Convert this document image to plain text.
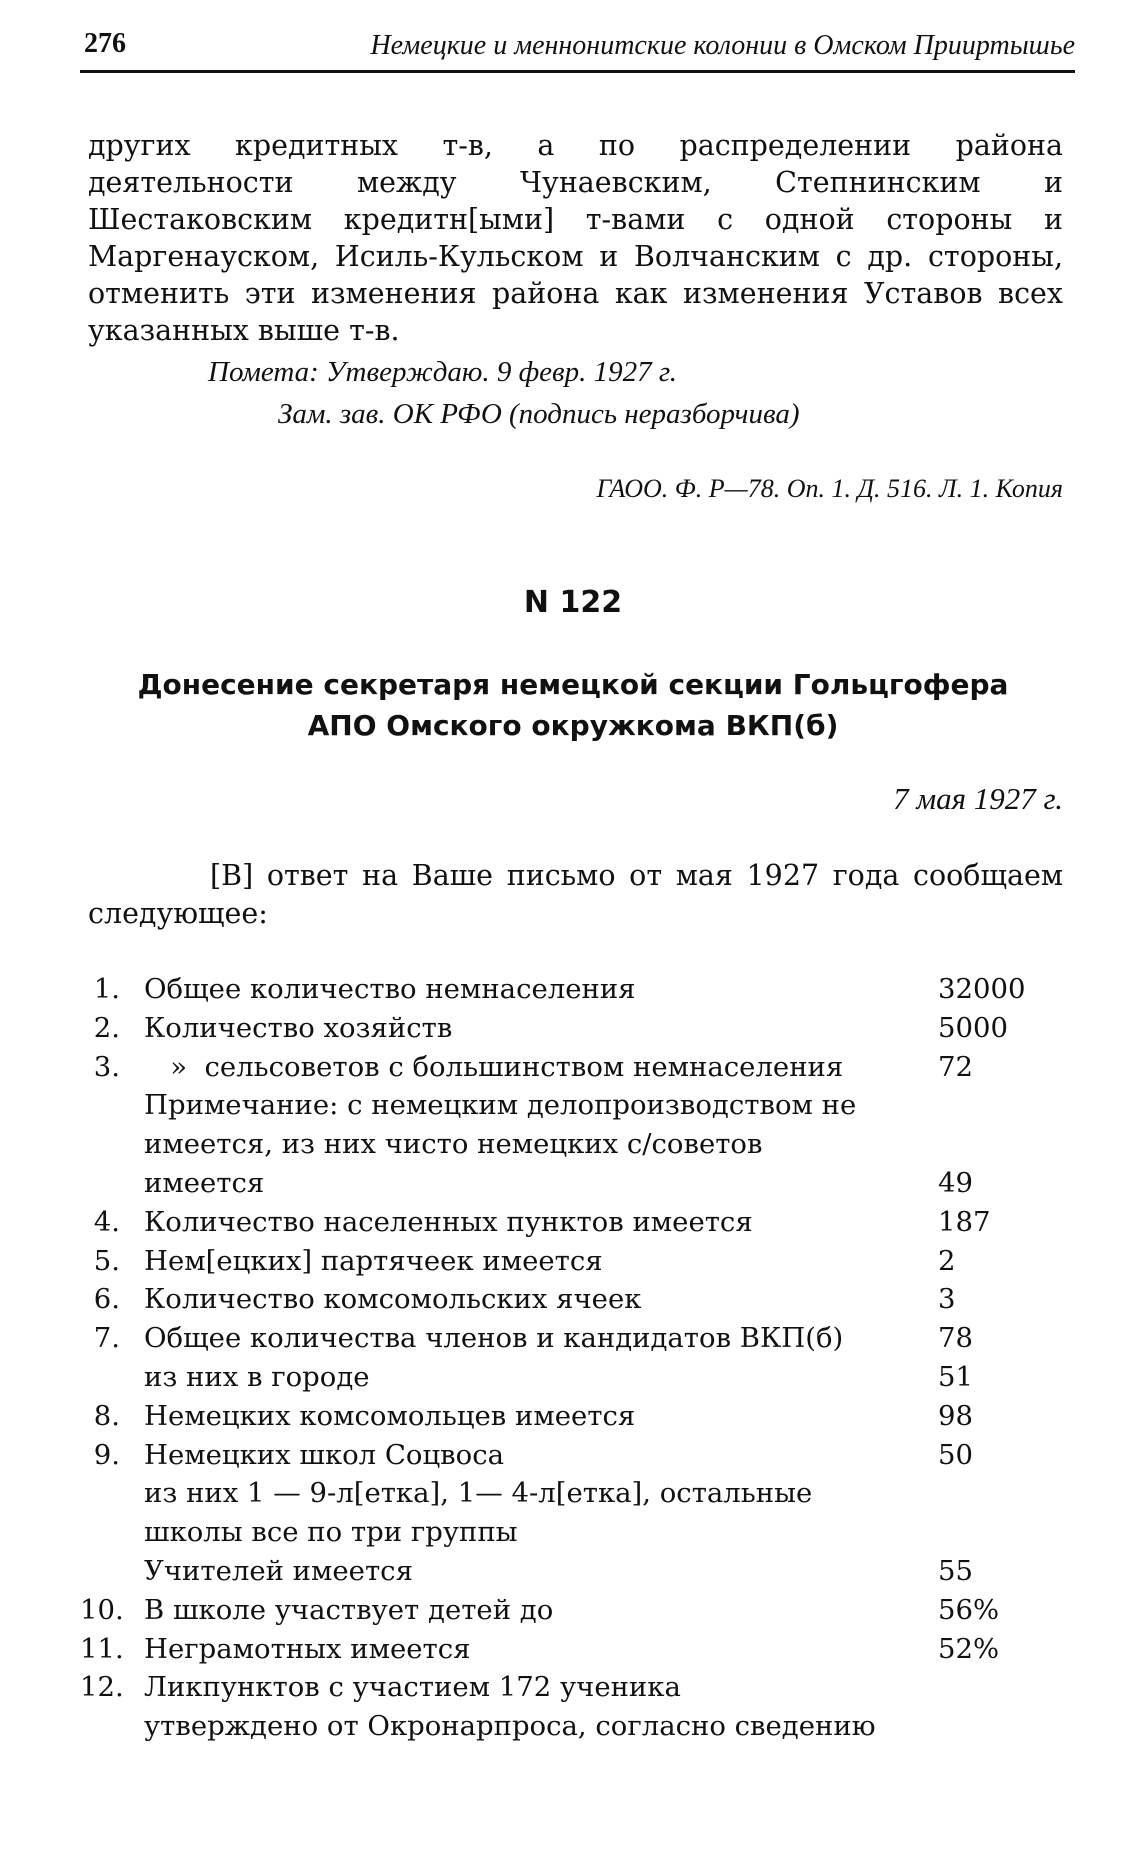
276	Немецкие и меннонитские колонии в Омском Прииртышье
других кредитных т-в, а по распределении района деятельности между Чунаевским, Степнинским и Шестаковским кредитн[ыми] т-вами с одной стороны и Маргенауском, Исиль-Кульском и Волчанским с др. стороны, отменить эти изменения района как изменения Уставов всех указанных выше т-в.
Помета: Утверждаю. 9 февр. 1927 г.
Зам. зав. ОК РФО (подпись неразборчива)
ГАОО. Ф. Р—78. Оп. 1. Д. 516. Л. 1. Копия
N 122
Донесение секретаря немецкой секции Гольцгофера
АПО Омского окружкома ВКП(б)
7 мая 1927 г.
[В] ответ на Ваше письмо от мая 1927 года сообщаем следующее:
1. Общее количество немнаселения	32000
2. Количество хозяйств	5000
3. »  сельсоветов с большинством немнаселения	72
Примечание: с немецким делопроизводством не
имеется, из них чисто немецких с/советов
имеется	49
4. Количество населенных пунктов имеется	187
5. Нем[ецких] партячеек имеется	2
6. Количество комсомольских ячеек	3
7. Общее количества членов и кандидатов ВКП(б)	78
из них в городе	51
8. Немецких комсомольцев имеется	98
9. Немецких школ Соцвоса	50
из них 1 — 9-л[етка], 1— 4-л[етка], остальные
школы все по три группы
Учителей имеется	55
10. В школе участвует детей до	56%
11. Неграмотных имеется	52%
12. Ликпунктов с участием 172 ученика
утверждено от Окронарпроса, согласно сведению
